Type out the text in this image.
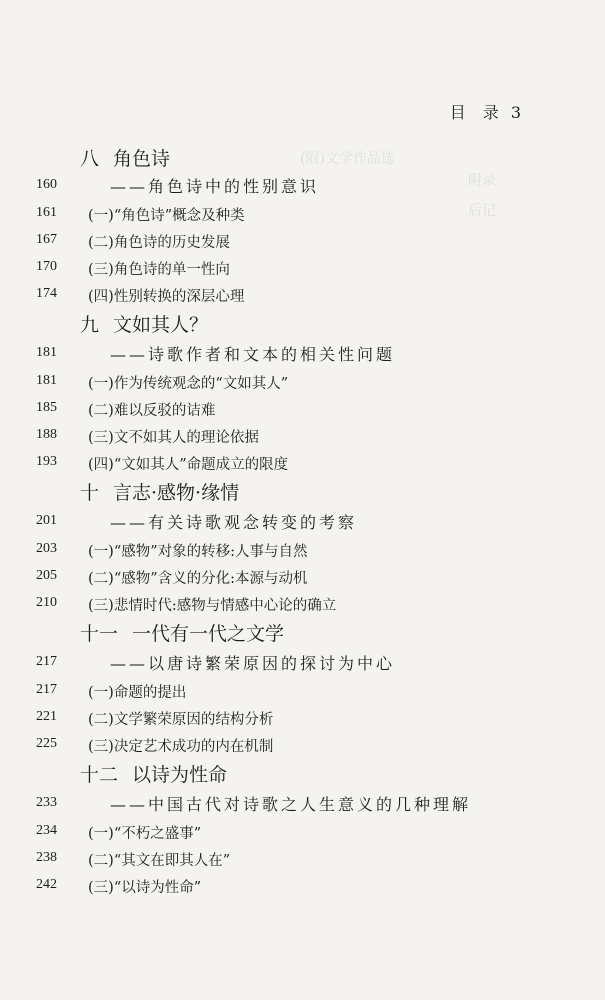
(附)文学作品选
附录
后记
目 录 3
八 角色诗
160	——角色诗中的性别意识
161 (一)“角色诗”概念及种类
167 (二)角色诗的历史发展
170 (三)角色诗的单一性向
174 (四)性别转换的深层心理
九 文如其人？
181	——诗歌作者和文本的相关性问题
181 (一)作为传统观念的“文如其人”
185 (二)难以反驳的诘难
188 (三)文不如其人的理论依据
193 (四)“文如其人”命题成立的限度
十 言志·感物·缘情
201	——有关诗歌观念转变的考察
203 (一)“感物”对象的转移:人事与自然
205 (二)“感物”含义的分化:本源与动机
210 (三)悲情时代:感物与情感中心论的确立
十一 一代有一代之文学
217	——以唐诗繁荣原因的探讨为中心
217 (一)命题的提出
221 (二)文学繁荣原因的结构分析
225 (三)决定艺术成功的内在机制
十二 以诗为性命
233	——中国古代对诗歌之人生意义的几种理解
234 (一)“不朽之盛事”
238 (二)“其文在即其人在”
242 (三)“以诗为性命”
